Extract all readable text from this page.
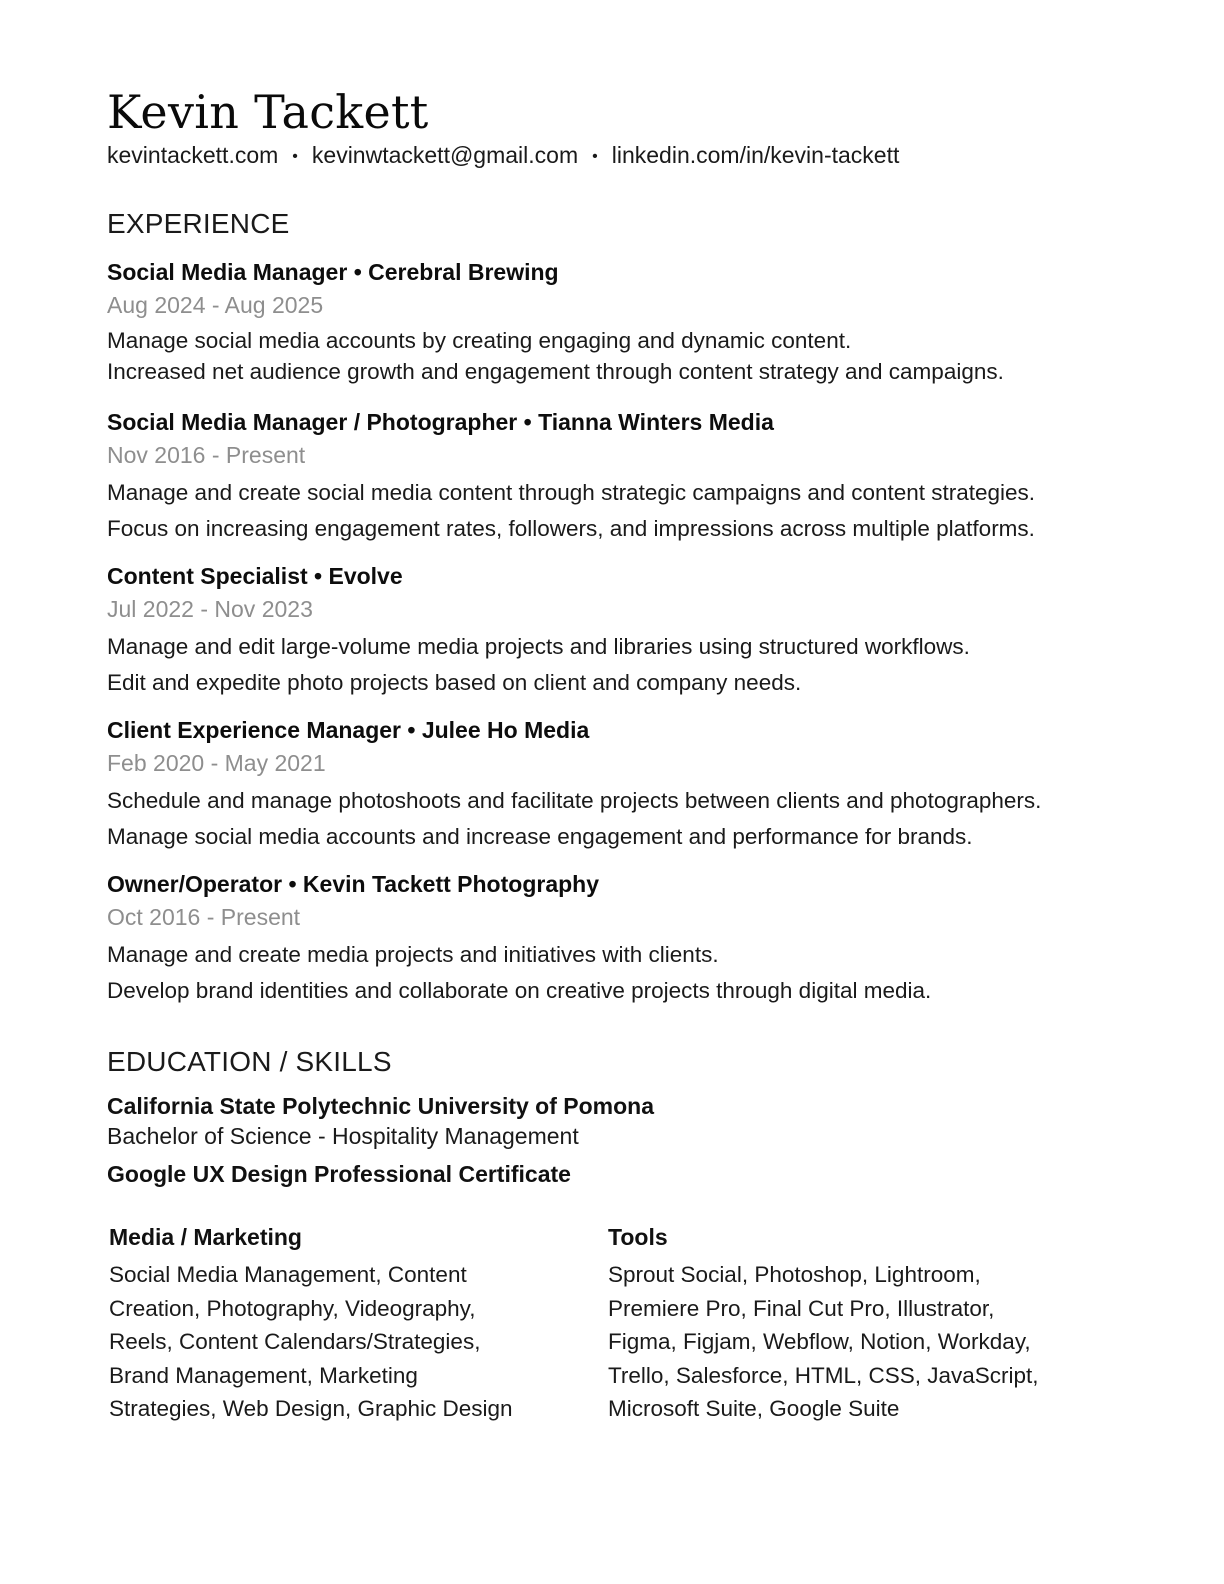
Kevin Tackett
kevintackett.com • kevinwtackett@gmail.com • linkedin.com/in/kevin-tackett
EXPERIENCE
Social Media Manager • Cerebral Brewing
Aug 2024 - Aug 2025
Manage social media accounts by creating engaging and dynamic content.
Increased net audience growth and engagement through content strategy and campaigns.
Social Media Manager / Photographer • Tianna Winters Media
Nov 2016 - Present
Manage and create social media content through strategic campaigns and content strategies.
Focus on increasing engagement rates, followers, and impressions across multiple platforms.
Content Specialist • Evolve
Jul 2022 - Nov 2023
Manage and edit large-volume media projects and libraries using structured workflows.
Edit and expedite photo projects based on client and company needs.
Client Experience Manager • Julee Ho Media
Feb 2020 - May 2021
Schedule and manage photoshoots and facilitate projects between clients and photographers.
Manage social media accounts and increase engagement and performance for brands.
Owner/Operator • Kevin Tackett Photography
Oct 2016 - Present
Manage and create media projects and initiatives with clients.
Develop brand identities and collaborate on creative projects through digital media.
EDUCATION / SKILLS
California State Polytechnic University of Pomona
Bachelor of Science - Hospitality Management
Google UX Design Professional Certificate
Media / Marketing
Social Media Management, Content
Creation, Photography, Videography,
Reels, Content Calendars/Strategies,
Brand Management, Marketing
Strategies, Web Design, Graphic Design
Tools
Sprout Social, Photoshop, Lightroom,
Premiere Pro, Final Cut Pro, Illustrator,
Figma, Figjam, Webflow, Notion, Workday,
Trello, Salesforce, HTML, CSS, JavaScript,
Microsoft Suite, Google Suite
